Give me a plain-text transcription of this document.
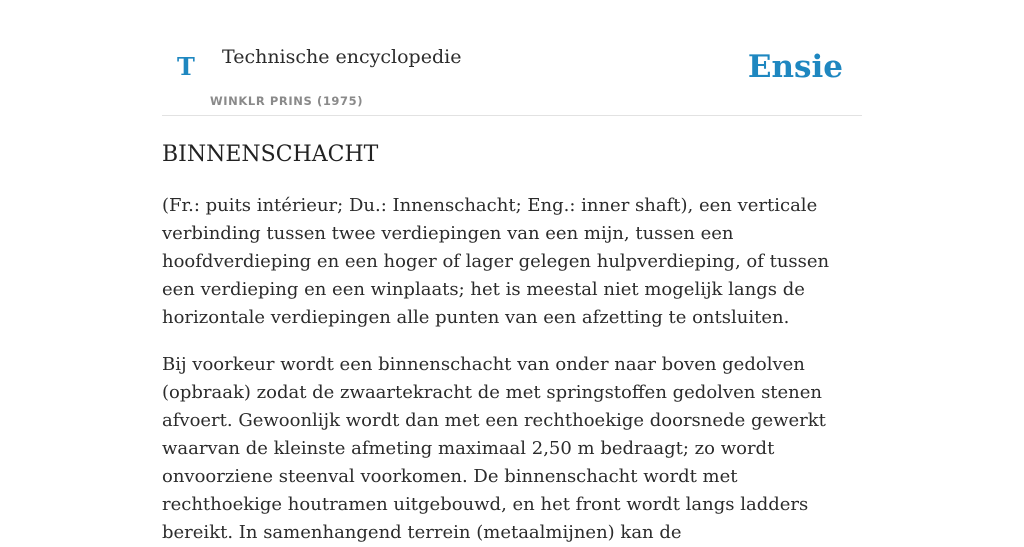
T Technische encyclopedie
WINKLR PRINS (1975)
Ensie
BINNENSCHACHT

(Fr.: puits intérieur; Du.: Innenschacht; Eng.: inner shaft), een verticale verbinding tussen twee verdiepingen van een mijn, tussen een hoofdverdieping en een hoger of lager gelegen hulpverdieping, of tussen een verdieping en een winplaats; het is meestal niet mogelijk langs de horizontale verdiepingen alle punten van een afzetting te ontsluiten.

Bij voorkeur wordt een binnenschacht van onder naar boven gedolven (opbraak) zodat de zwaartekracht de met springstoffen gedolven stenen afvoert. Gewoonlijk wordt dan met een rechthoekige doorsnede gewerkt waarvan de kleinste afmeting maximaal 2,50 m bedraagt; zo wordt onvoorziene steenval voorkomen. De binnenschacht wordt met rechthoekige houtramen uitgebouwd, en het front wordt langs ladders bereikt. In samenhangend terrein (metaalmijnen) kan de
